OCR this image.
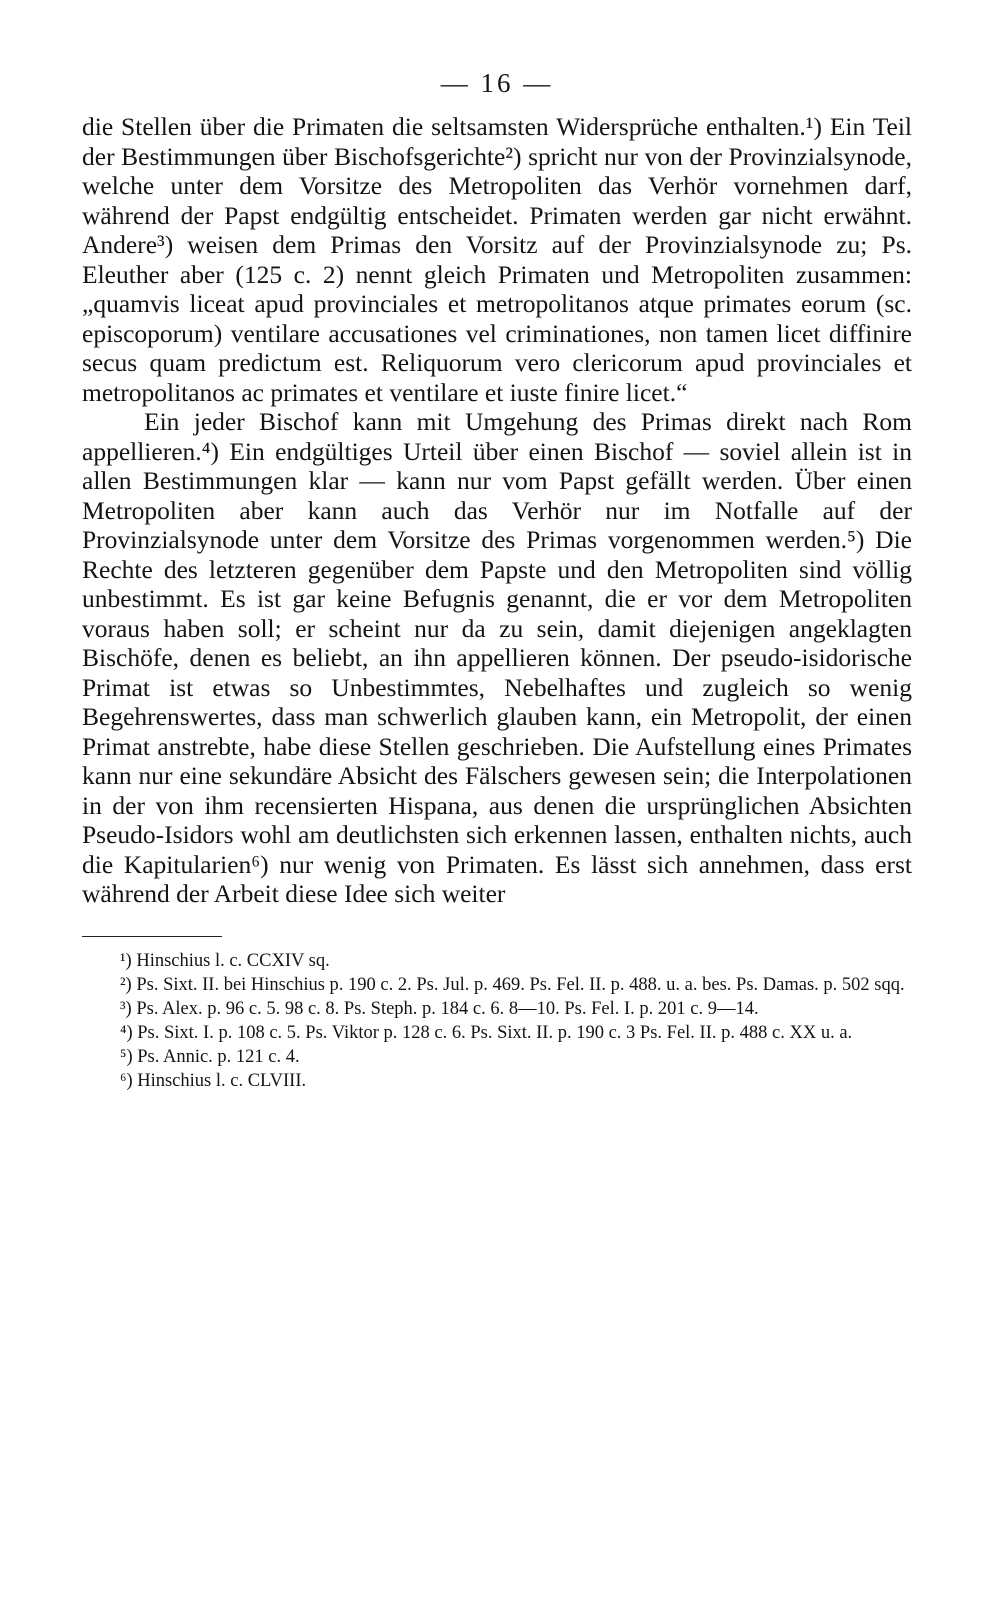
— 16 —

die Stellen über die Primaten die seltsamsten Widersprüche enthalten.¹) Ein Teil der Bestimmungen über Bischofsgerichte²) spricht nur von der Provinzialsynode, welche unter dem Vorsitze des Metropoliten das Verhör vornehmen darf, während der Papst endgültig entscheidet. Primaten werden gar nicht erwähnt. Andere³) weisen dem Primas den Vorsitz auf der Provinzialsynode zu; Ps. Eleuther aber (125 c. 2) nennt gleich Primaten und Metropoliten zusammen: „quamvis liceat apud provinciales et metropolitanos atque primates eorum (sc. episcoporum) ventilare accusationes vel criminationes, non tamen licet diffinire secus quam predictum est. Reliquorum vero clericorum apud provinciales et metropolitanos ac primates et ventilare et iuste finire licet.“

Ein jeder Bischof kann mit Umgehung des Primas direkt nach Rom appellieren.⁴) Ein endgültiges Urteil über einen Bischof — soviel allein ist in allen Bestimmungen klar — kann nur vom Papst gefällt werden. Über einen Metropoliten aber kann auch das Verhör nur im Notfalle auf der Provinzialsynode unter dem Vorsitze des Primas vorgenommen werden.⁵) Die Rechte des letzteren gegenüber dem Papste und den Metropoliten sind völlig unbestimmt. Es ist gar keine Befugnis genannt, die er vor dem Metropoliten voraus haben soll; er scheint nur da zu sein, damit diejenigen angeklagten Bischöfe, denen es beliebt, an ihn appellieren können. Der pseudo-isidorische Primat ist etwas so Unbestimmtes, Nebelhaftes und zugleich so wenig Begehrenswertes, dass man schwerlich glauben kann, ein Metropolit, der einen Primat anstrebte, habe diese Stellen geschrieben. Die Aufstellung eines Primates kann nur eine sekundäre Absicht des Fälschers gewesen sein; die Interpolationen in der von ihm recensierten Hispana, aus denen die ursprünglichen Absichten Pseudo-Isidors wohl am deutlichsten sich erkennen lassen, enthalten nichts, auch die Kapitularien⁶) nur wenig von Primaten. Es lässt sich annehmen, dass erst während der Arbeit diese Idee sich weiter

¹) Hinschius l. c. CCXIV sq.

²) Ps. Sixt. II. bei Hinschius p. 190 c. 2. Ps. Jul. p. 469. Ps. Fel. II. p. 488. u. a. bes. Ps. Damas. p. 502 sqq.

³) Ps. Alex. p. 96 c. 5. 98 c. 8. Ps. Steph. p. 184 c. 6. 8—10. Ps. Fel. I. p. 201 c. 9—14.

⁴) Ps. Sixt. I. p. 108 c. 5. Ps. Viktor p. 128 c. 6. Ps. Sixt. II. p. 190 c. 3 Ps. Fel. II. p. 488 c. XX u. a.

⁵) Ps. Annic. p. 121 c. 4.

⁶) Hinschius l. c. CLVIII.
